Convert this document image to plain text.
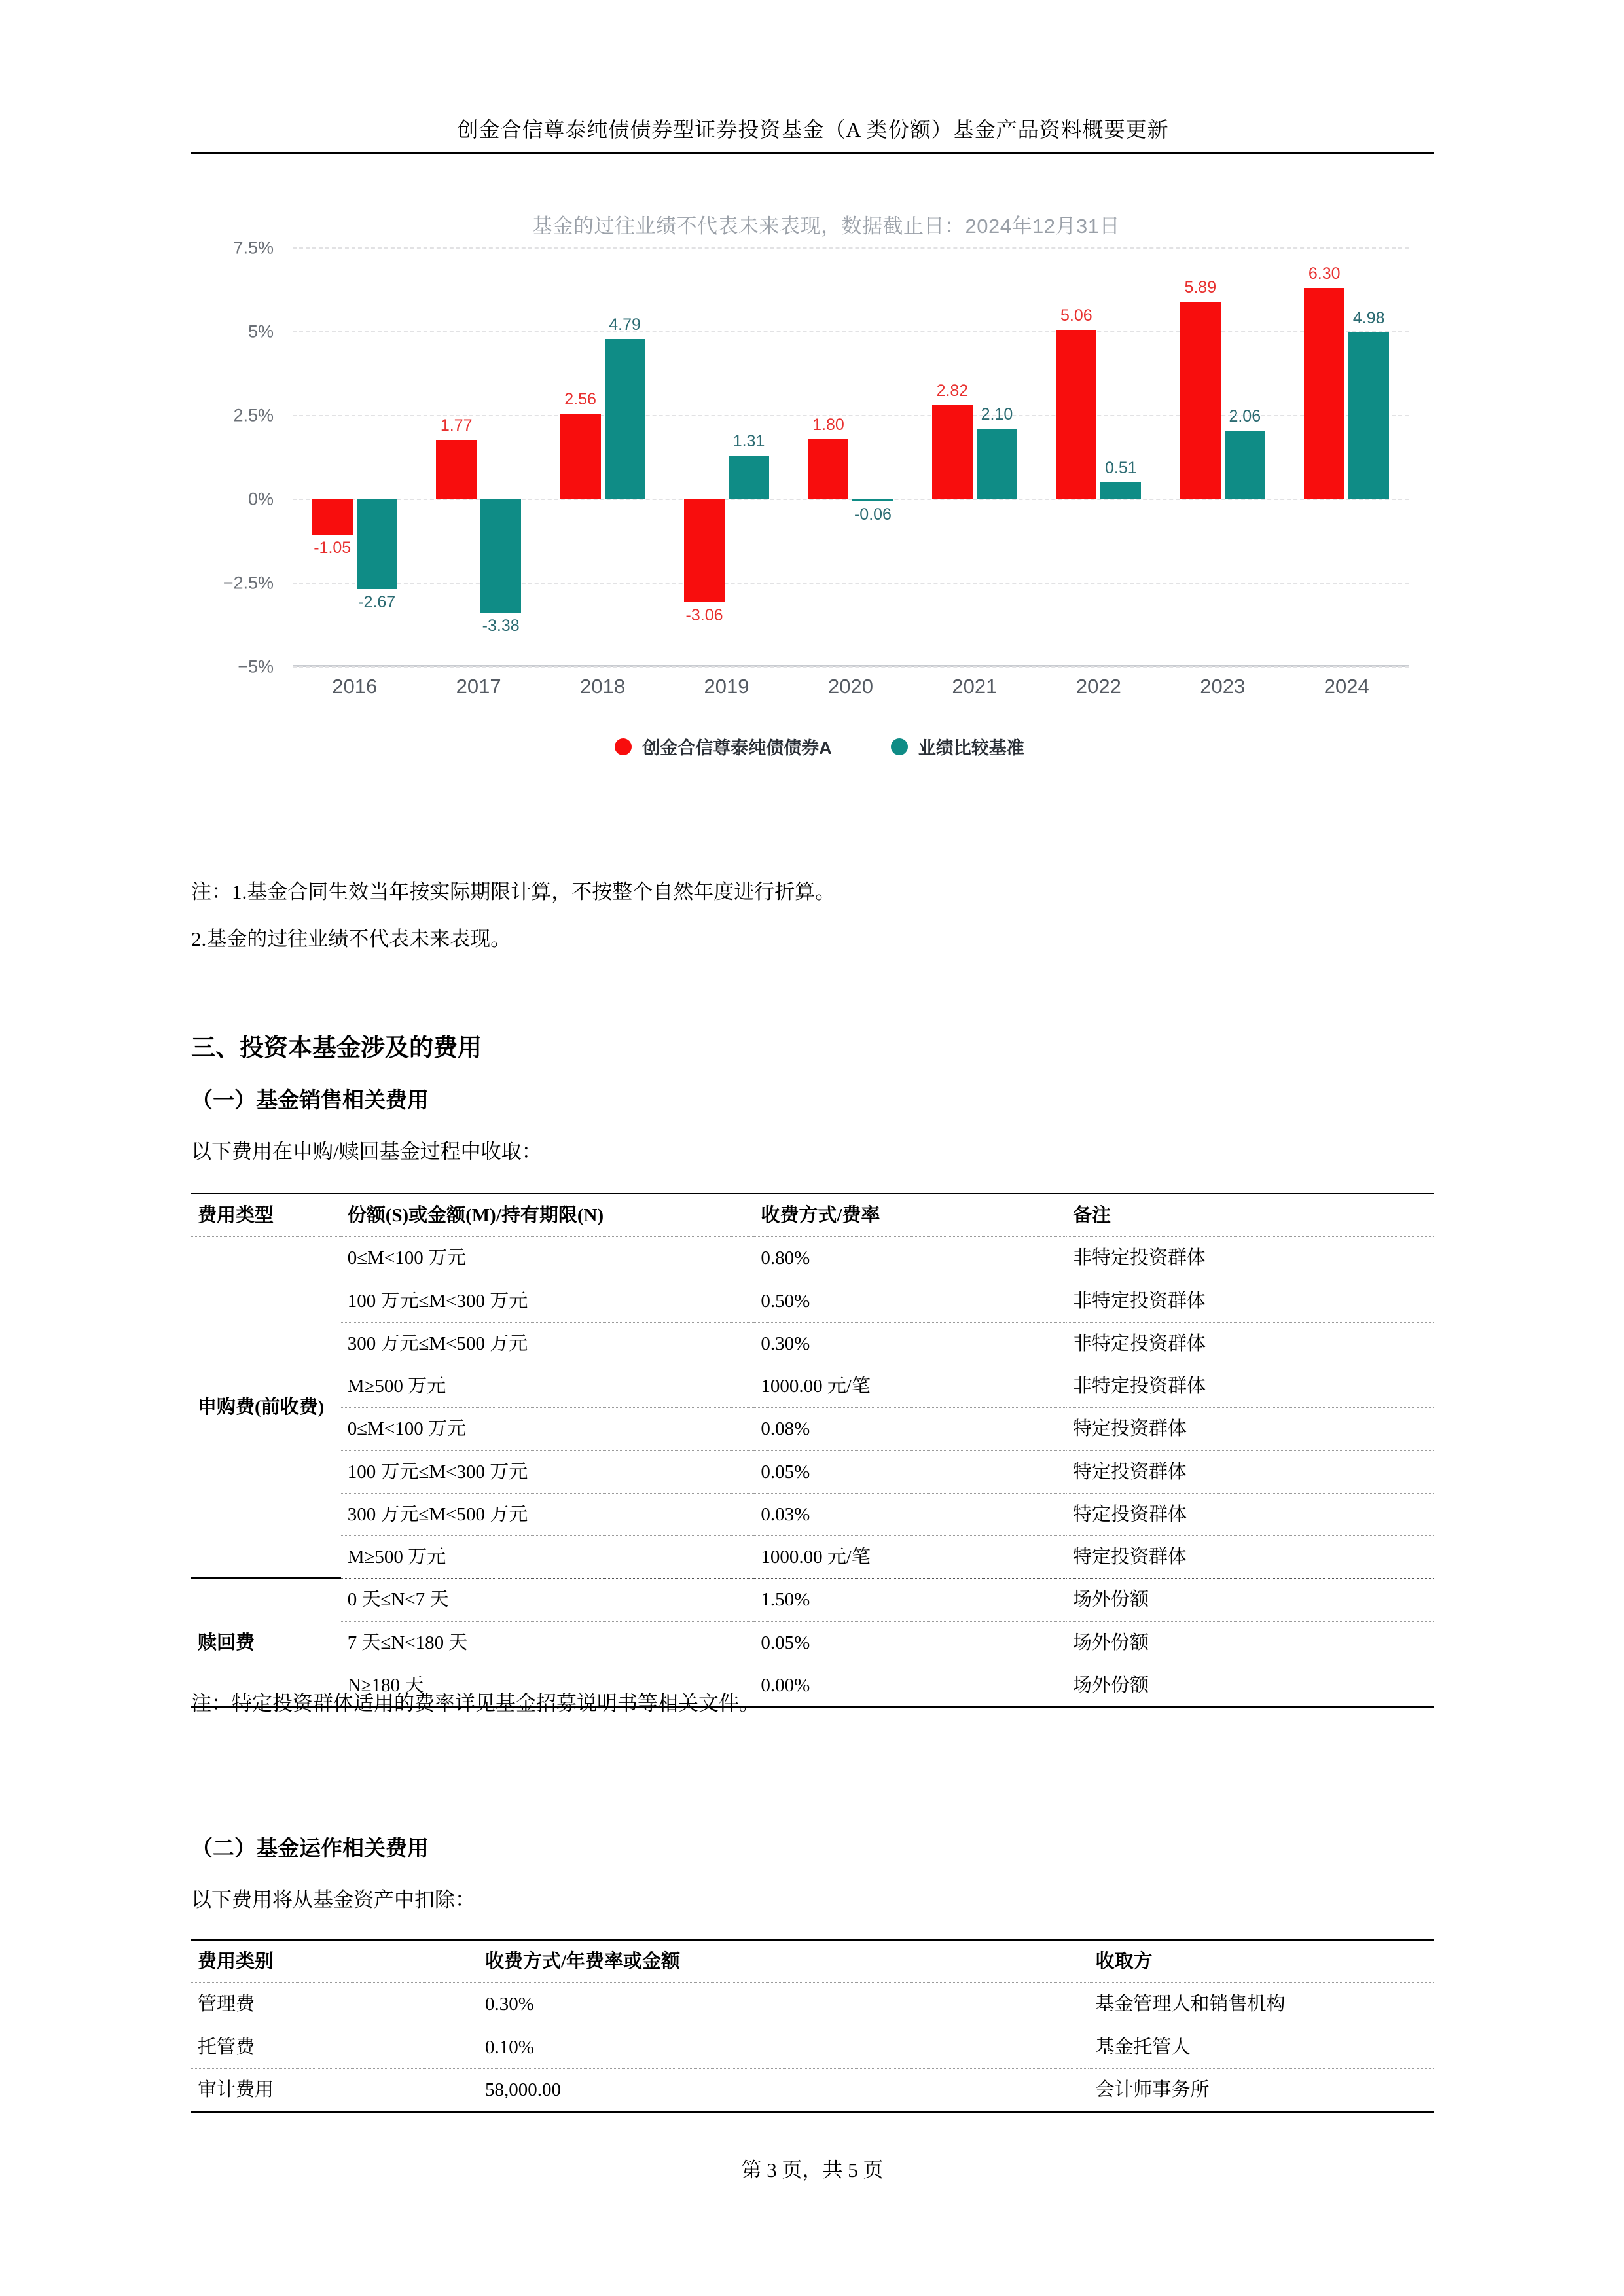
创金合信尊泰纯债债券型证券投资基金（A 类份额）基金产品资料概要更新
基金的过往业绩不代表未来表现，数据截止日：2024年12月31日
7.5%
5%
2.5%
0%
−2.5%
−5%
-1.05
-2.67
1.77
-3.38
2.56
4.79
-3.06
1.31
1.80
-0.06
2.82
2.10
5.06
0.51
5.89
2.06
6.30
4.98
2016	2017	2018	2019	2020	2021	2022	2023	2024
创金合信尊泰纯债债券A	业绩比较基准
注：1.基金合同生效当年按实际期限计算，不按整个自然年度进行折算。
2.基金的过往业绩不代表未来表现。
三、投资本基金涉及的费用
（一）基金销售相关费用
以下费用在申购/赎回基金过程中收取：
费用类型	份额(S)或金额(M)/持有期限(N)	收费方式/费率	备注
申购费(前收费)	0≤M<100 万元	0.80%	非特定投资群体
	100 万元≤M<300 万元	0.50%	非特定投资群体
	300 万元≤M<500 万元	0.30%	非特定投资群体
	M≥500 万元	1000.00 元/笔	非特定投资群体
	0≤M<100 万元	0.08%	特定投资群体
	100 万元≤M<300 万元	0.05%	特定投资群体
	300 万元≤M<500 万元	0.03%	特定投资群体
	M≥500 万元	1000.00 元/笔	特定投资群体
赎回费	0 天≤N<7 天	1.50%	场外份额
	7 天≤N<180 天	0.05%	场外份额
	N≥180 天	0.00%	场外份额
注：特定投资群体适用的费率详见基金招募说明书等相关文件。
（二）基金运作相关费用
以下费用将从基金资产中扣除：
费用类别	收费方式/年费率或金额	收取方
管理费	0.30%	基金管理人和销售机构
托管费	0.10%	基金托管人
审计费用	58,000.00	会计师事务所
第 3 页，共 5 页
